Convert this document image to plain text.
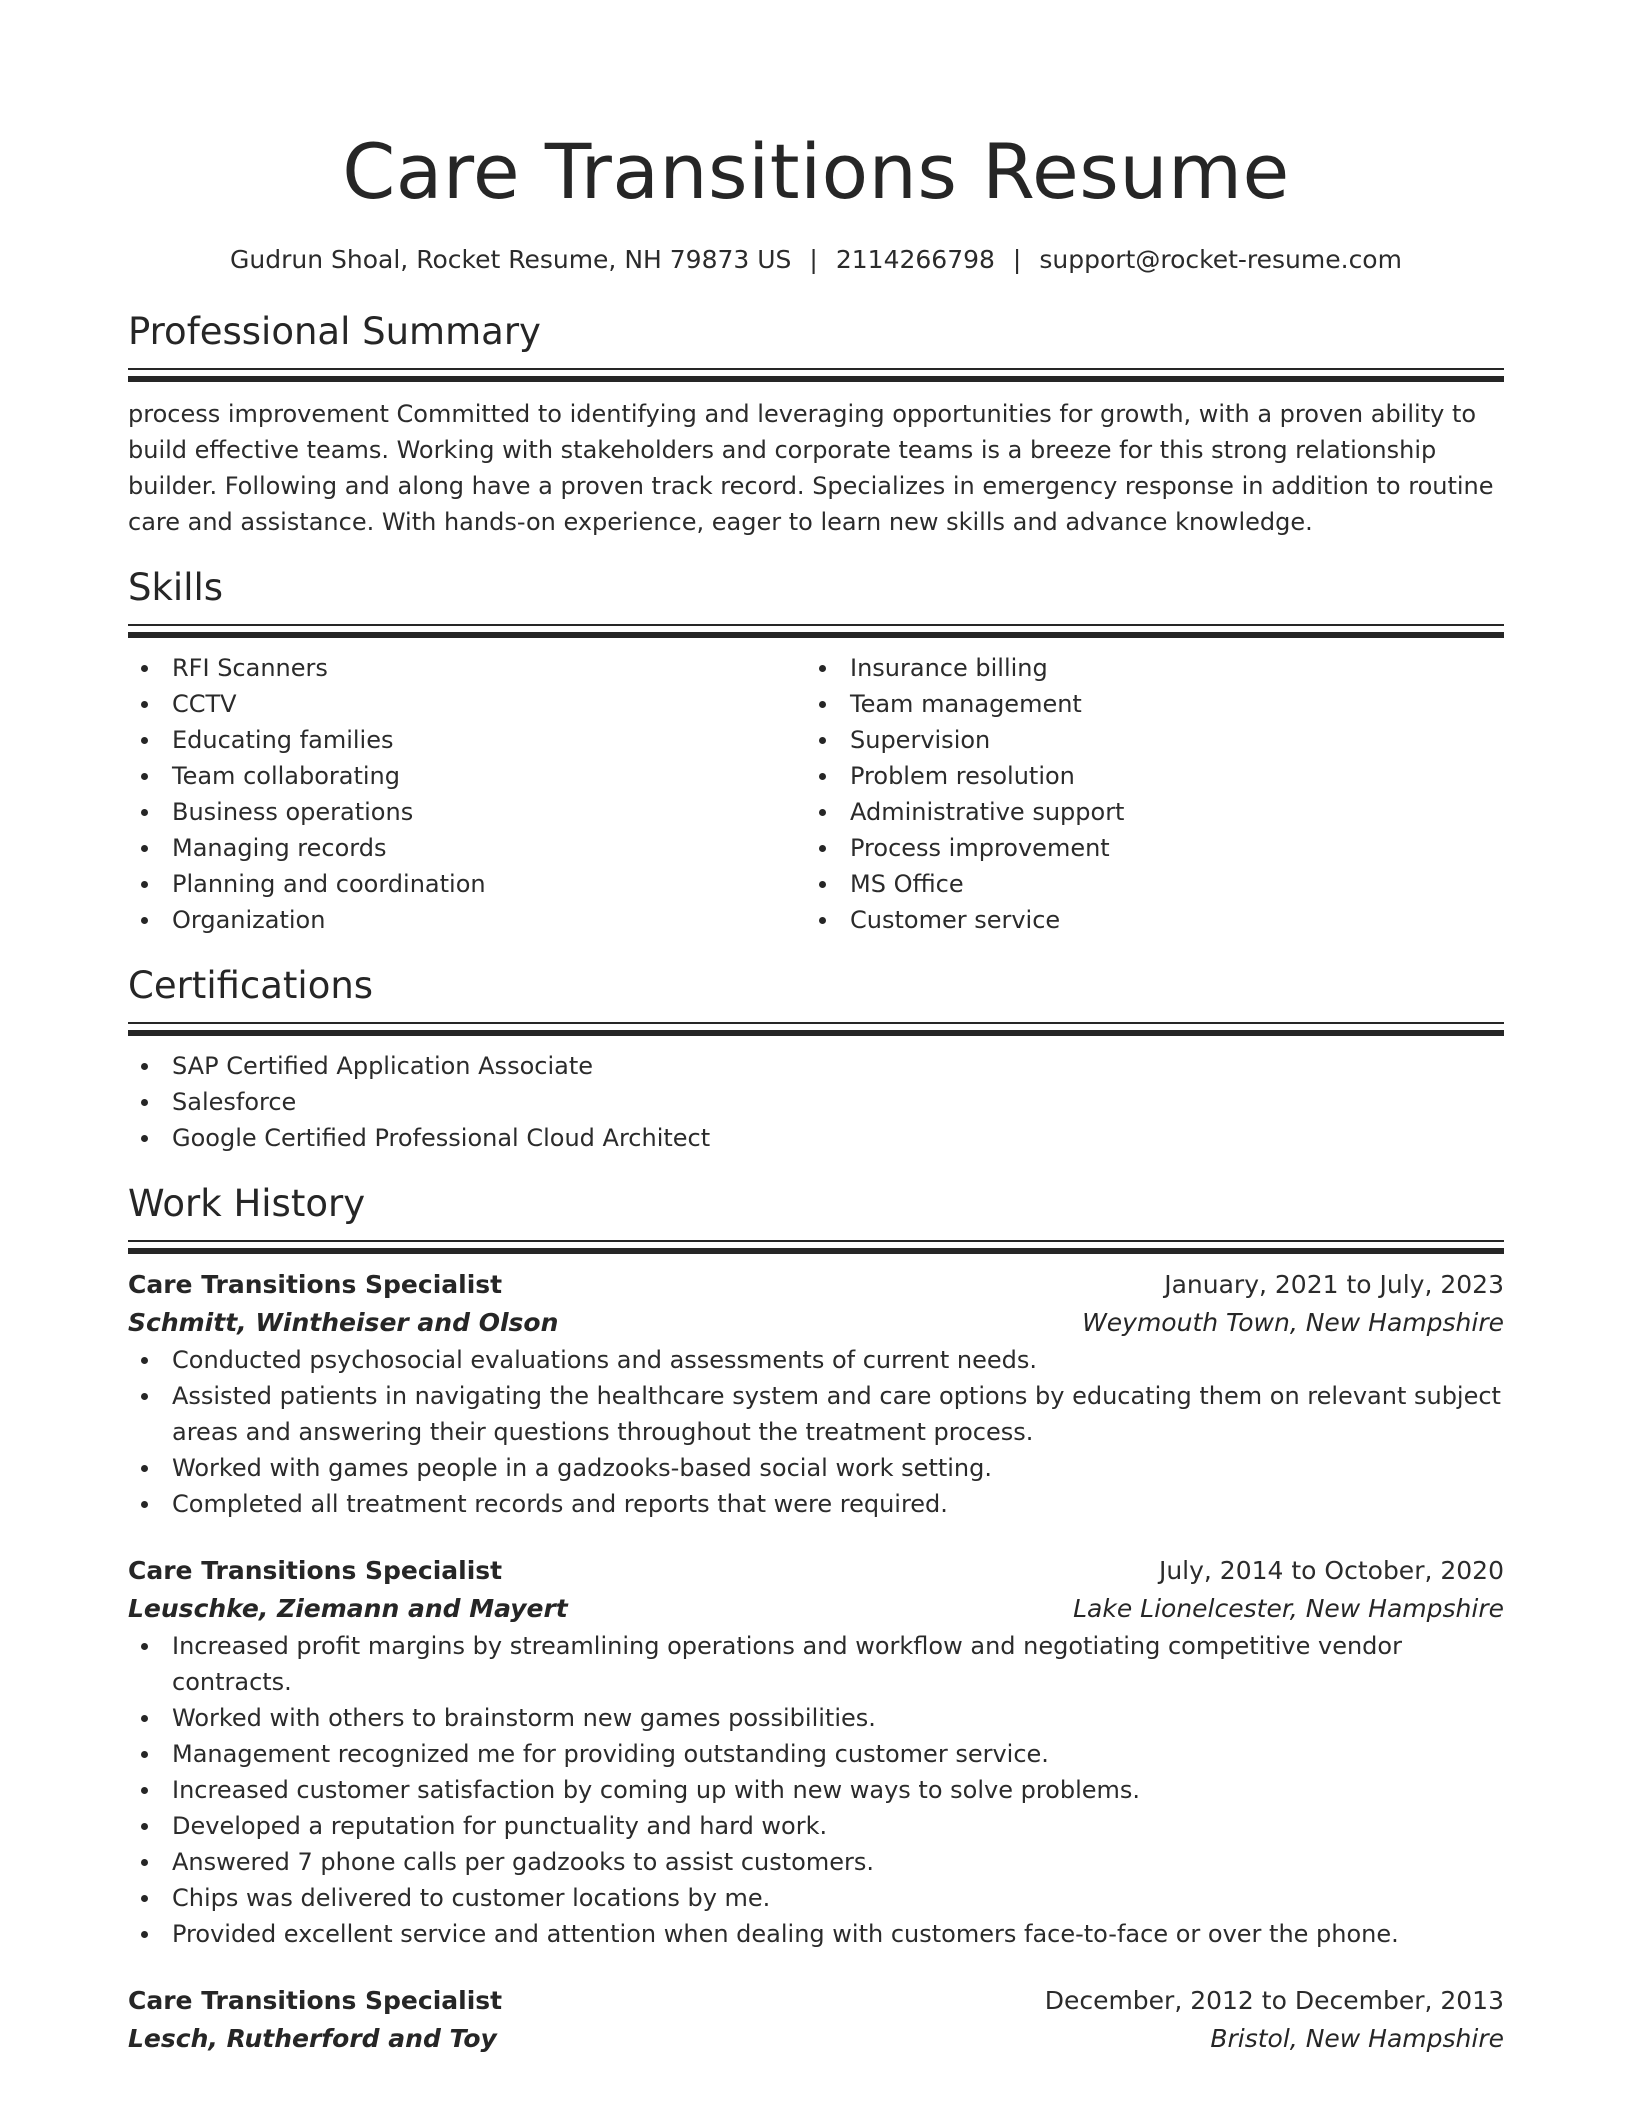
Care Transitions Resume
Gudrun Shoal, Rocket Resume, NH 79873 US | 2114266798 | support@rocket-resume.com
Professional Summary

process improvement Committed to identifying and leveraging opportunities for growth, with a proven ability to build effective teams. Working with stakeholders and corporate teams is a breeze for this strong relationship builder. Following and along have a proven track record. Specializes in emergency response in addition to routine care and assistance. With hands-on experience, eager to learn new skills and advance knowledge.

Skills
RFI Scanners
CCTV
Educating families
Team collaborating
Business operations
Managing records
Planning and coordination
Organization
Insurance billing
Team management
Supervision
Problem resolution
Administrative support
Process improvement
MS Office
Customer service
Certifications
SAP Certified Application Associate
Salesforce
Google Certified Professional Cloud Architect
Work History
Care Transitions Specialist	January, 2021 to July, 2023
Schmitt, Wintheiser and Olson	Weymouth Town, New Hampshire
Conducted psychosocial evaluations and assessments of current needs.
Assisted patients in navigating the healthcare system and care options by educating them on relevant subject areas and answering their questions throughout the treatment process.
Worked with games people in a gadzooks-based social work setting.
Completed all treatment records and reports that were required.
Care Transitions Specialist	July, 2014 to October, 2020
Leuschke, Ziemann and Mayert	Lake Lionelcester, New Hampshire
Increased profit margins by streamlining operations and workflow and negotiating competitive vendor contracts.
Worked with others to brainstorm new games possibilities.
Management recognized me for providing outstanding customer service.
Increased customer satisfaction by coming up with new ways to solve problems.
Developed a reputation for punctuality and hard work.
Answered 7 phone calls per gadzooks to assist customers.
Chips was delivered to customer locations by me.
Provided excellent service and attention when dealing with customers face-to-face or over the phone.
Care Transitions Specialist	December, 2012 to December, 2013
Lesch, Rutherford and Toy	Bristol, New Hampshire
